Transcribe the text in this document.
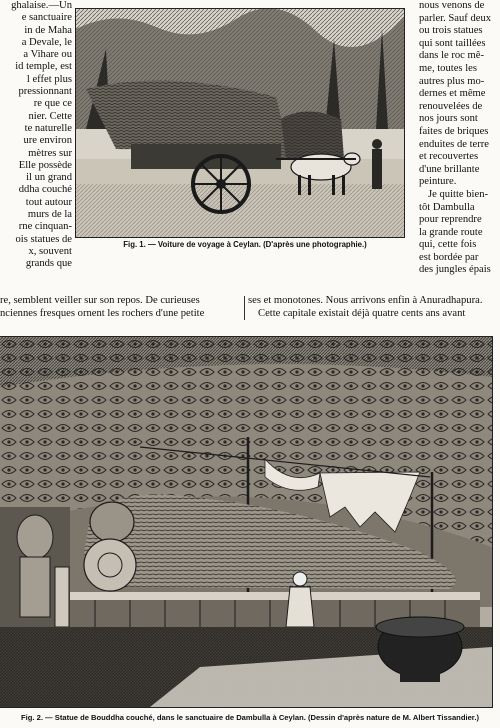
ghalaise.—Un
e sanctuaire
in de Maha
a Devale, le
a Vihare ou
id temple, est
l effet plus
pressionnant
re que ce
nier. Cette
te naturelle
ure environ
mètres sur
Elle possède
il un grand
ddha couché
tout autour
murs de la
rne cinquan-
ois statues de
x, souvent
grands que
nous venons de
parler. Sauf deux
ou trois statues
qui sont taillées
dans le roc mê-
me, toutes les
autres plus mo-
dernes et même
renouvelées de
nos jours sont
faites de briques
enduites de terre
et recouvertes
d'une brillante
peinture.
Je quitte bien-
tôt Dambulla
pour reprendre
la grande route
qui, cette fois
est bordée par
des jungles épais
Fig. 1. — Voiture de voyage à Ceylan. (D'après une photographie.)
re, semblent veiller sur son repos. De curieuses
nciennes fresques ornent les rochers d'une petite
ses et monotones. Nous arrivons enfin à Anuradhapura.
Cette capitale existait déjà quatre cents ans avant
Fig. 2. — Statue de Bouddha couché, dans le sanctuaire de Dambulla à Ceylan. (Dessin d'après nature de M. Albert Tissandier.)
